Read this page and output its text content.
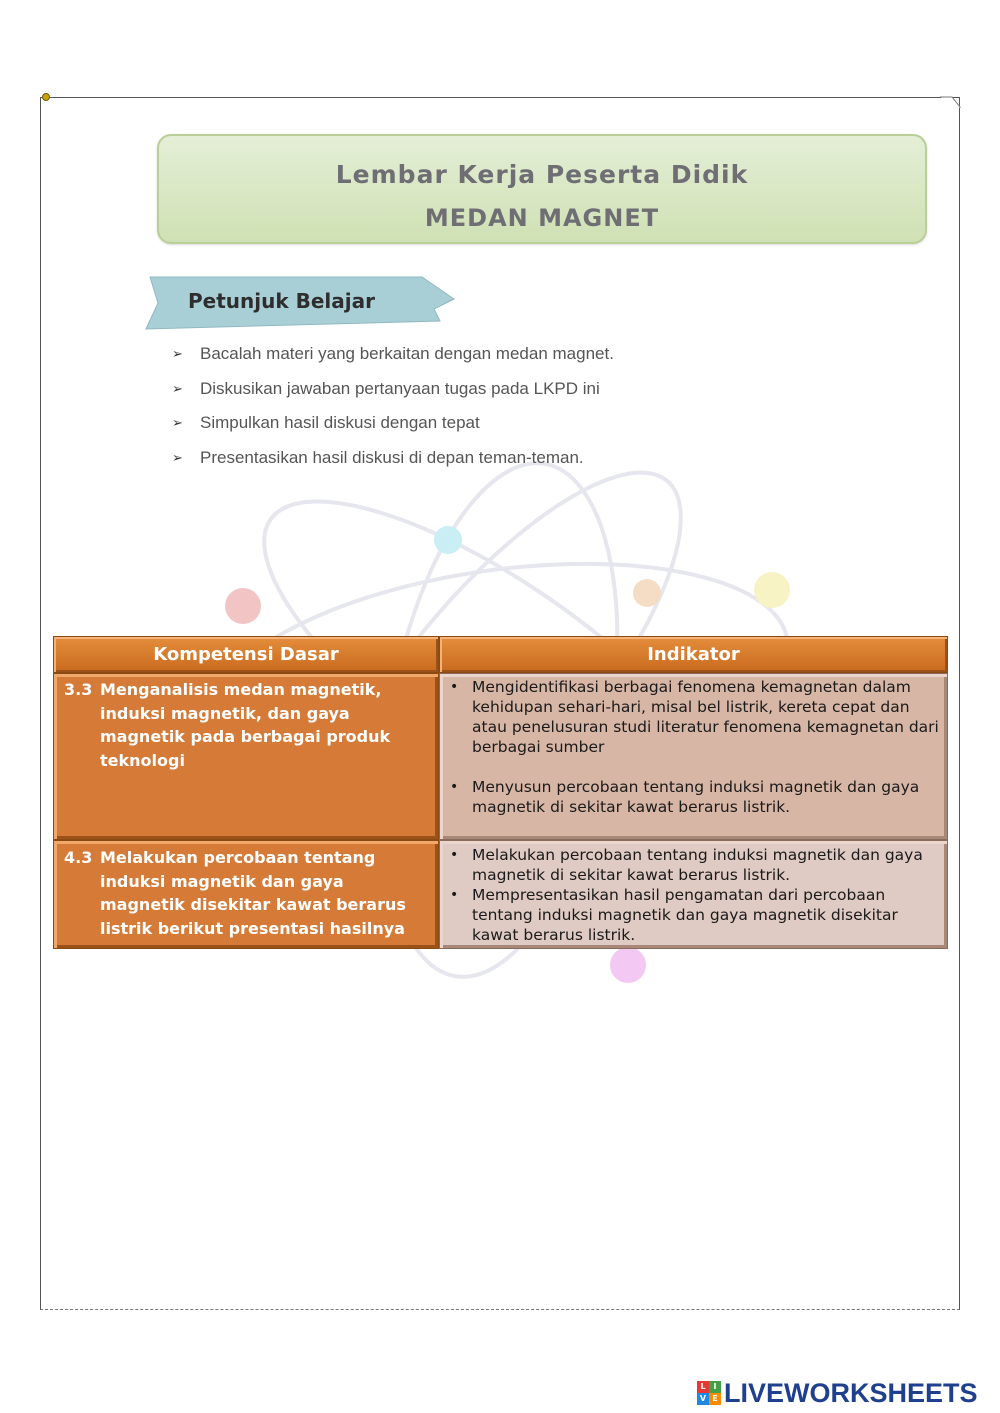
Lembar Kerja Peserta Didik
MEDAN MAGNET
Petunjuk Belajar
➢ Bacalah materi yang berkaitan dengan medan magnet.
➢ Diskusikan jawaban pertanyaan tugas pada LKPD ini
➢ Simpulkan hasil diskusi dengan tepat
➢ Presentasikan hasil diskusi di depan teman-teman.
Kompetensi Dasar	Indikator
3.3 Menganalisis medan magnetik, induksi magnetik, dan gaya magnetik pada berbagai produk teknologi
• Mengidentifikasi berbagai fenomena kemagnetan dalam kehidupan sehari-hari, misal bel listrik, kereta cepat dan atau penelusuran studi literatur fenomena kemagnetan dari berbagai sumber
• Menyusun percobaan tentang induksi magnetik dan gaya magnetik di sekitar kawat berarus listrik.
4.3 Melakukan percobaan tentang induksi magnetik dan gaya magnetik disekitar kawat berarus listrik berikut presentasi hasilnya
• Melakukan percobaan tentang induksi magnetik dan gaya magnetik di sekitar kawat berarus listrik.
• Mempresentasikan hasil pengamatan dari percobaan tentang induksi magnetik dan gaya magnetik disekitar kawat berarus listrik.
L I
V E LIVEWORKSHEETS
